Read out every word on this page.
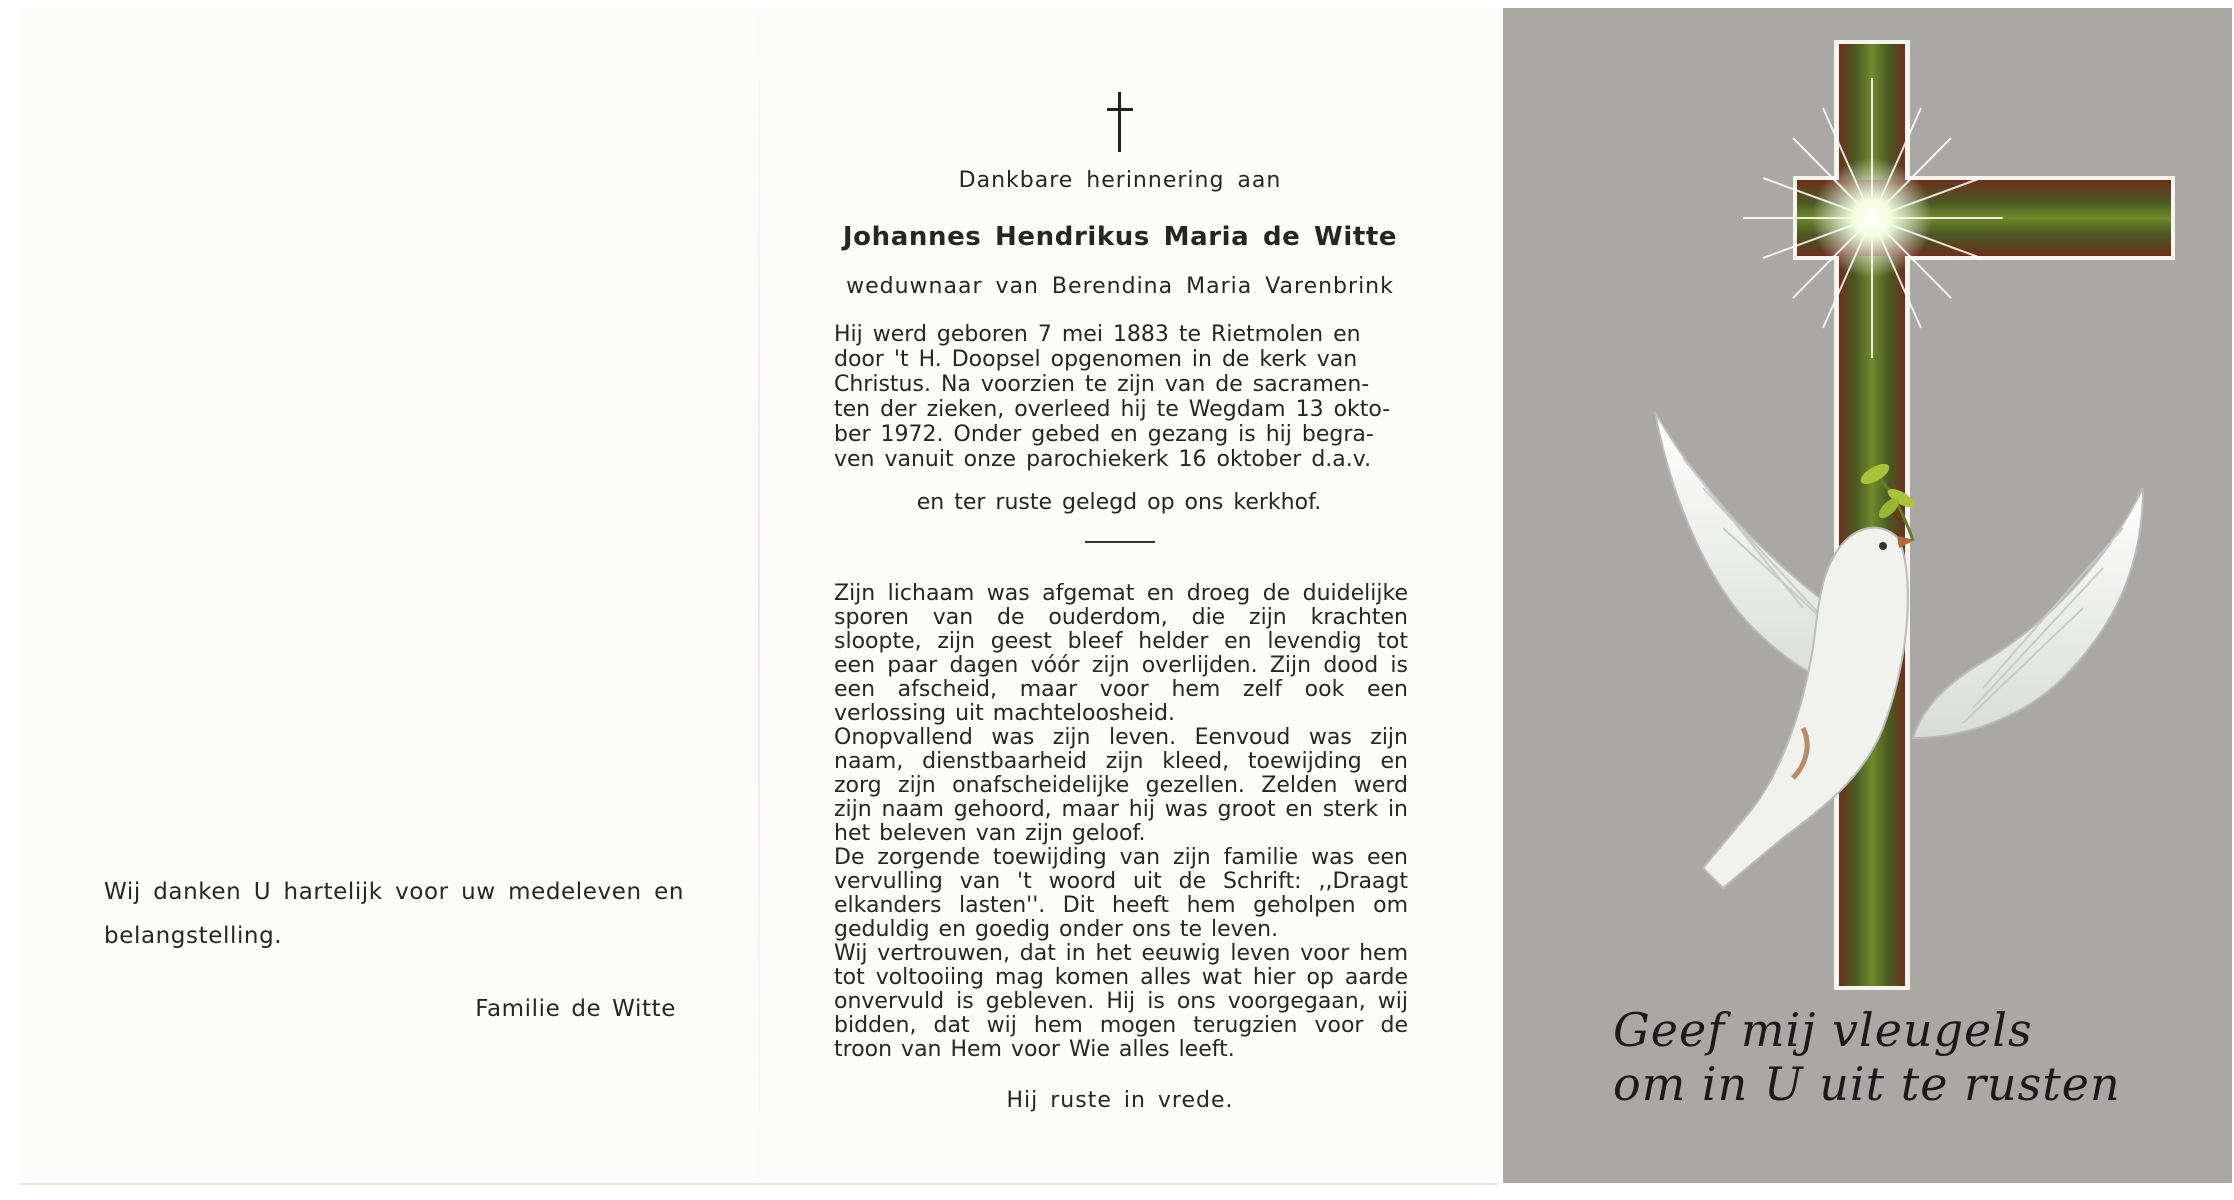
Wij danken U hartelijk voor uw medeleven en belangstelling.
Familie de Witte
Dankbare herinnering aan
Johannes Hendrikus Maria de Witte
weduwnaar van Berendina Maria Varenbrink
Hij werd geboren 7 mei 1883 te Rietmolen en
door 't H. Doopsel opgenomen in de kerk van
Christus. Na voorzien te zijn van de sacramen-
ten der zieken, overleed hij te Wegdam 13 okto-
ber 1972. Onder gebed en gezang is hij begra-
ven vanuit onze parochiekerk 16 oktober d.a.v.
en ter ruste gelegd op ons kerkhof.

Zijn lichaam was afgemat en droeg de duidelijke sporen van de ouderdom, die zijn krachten sloopte, zijn geest bleef helder en levendig tot een paar dagen vóór zijn overlijden. Zijn dood is een afscheid, maar voor hem zelf ook een verlossing uit machteloosheid.

Onopvallend was zijn leven. Eenvoud was zijn naam, dienstbaarheid zijn kleed, toewijding en zorg zijn onafscheidelijke gezellen. Zelden werd zijn naam gehoord, maar hij was groot en sterk in het beleven van zijn geloof.

De zorgende toewijding van zijn familie was een vervulling van 't woord uit de Schrift: ,,Draagt elkanders lasten''. Dit heeft hem geholpen om geduldig en goedig onder ons te leven.

Wij vertrouwen, dat in het eeuwig leven voor hem tot voltooiing mag komen alles wat hier op aarde onvervuld is gebleven. Hij is ons voorgegaan, wij bidden, dat wij hem mogen terugzien voor de troon van Hem voor Wie alles leeft.

Hij ruste in vrede.
Geef mij vleugels
om in U uit te rusten
